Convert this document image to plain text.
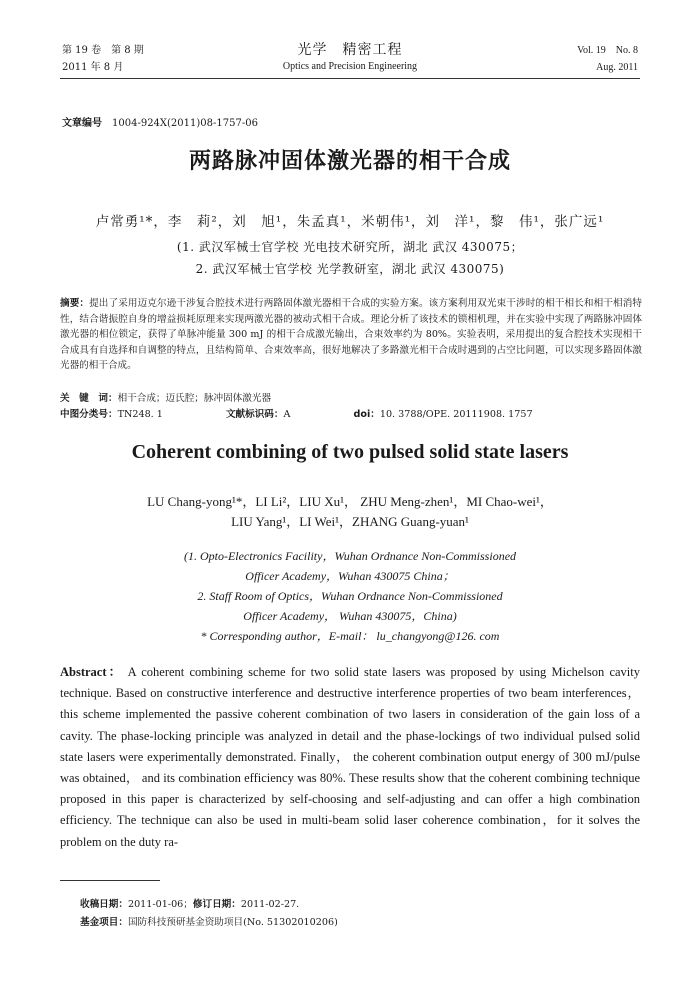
第 19 卷　第 8 期
2011 年 8 月
光学　精密工程
Optics and Precision Engineering
Vol. 19　No. 8
Aug. 2011
文章编号 1004-924X(2011)08-1757-06
两路脉冲固体激光器的相干合成
卢常勇¹*，李　莉²，刘　旭¹，朱孟真¹，米朝伟¹，刘　洋¹，黎　伟¹，张广远¹
(1. 武汉军械士官学校 光电技术研究所，湖北 武汉 430075；
2. 武汉军械士官学校 光学教研室，湖北 武汉 430075)
摘要：提出了采用迈克尔逊干涉复合腔技术进行两路固体激光器相干合成的实验方案。该方案利用双光束干涉时的相干相长和相干相消特性，结合谐振腔自身的增益损耗原理来实现两激光器的被动式相干合成。理论分析了该技术的锁相机理，并在实验中实现了两路脉冲固体激光器的相位锁定，获得了单脉冲能量 300 mJ 的相干合成激光输出，合束效率约为 80%。实验表明，采用提出的复合腔技术实现相干合成具有自选择和自调整的特点，且结构简单、合束效率高，很好地解决了多路激光相干合成时遇到的占空比问题，可以实现多路固体激光器的相干合成。
关　键　词：相干合成；迈氏腔；脉冲固体激光器
中图分类号：TN248. 1	文献标识码：A	doi：10. 3788/OPE. 20111908. 1757
Coherent combining of two pulsed solid state lasers
LU Chang-yong¹*，LI Li²，LIU Xu¹， ZHU Meng-zhen¹，MI Chao-wei¹，
LIU Yang¹，LI Wei¹，ZHANG Guang-yuan¹
(1. Opto-Electronics Facility，Wuhan Ordnance Non-Commissioned
Officer Academy，Wuhan 430075 China；
2. Staff Room of Optics，Wuhan Ordnance Non-Commissioned
Officer Academy， Wuhan 430075，China)
* Corresponding author，E-mail： lu_changyong@126. com
Abstract： A coherent combining scheme for two solid state lasers was proposed by using Michelson cavity technique. Based on constructive interference and destructive interference properties of two beam interferences，this scheme implemented the passive coherent combination of two lasers in consideration of the gain loss of a cavity. The phase-locking principle was analyzed in detail and the phase-lockings of two individual pulsed solid state lasers were experimentally demonstrated. Finally， the coherent combination output energy of 300 mJ/pulse was obtained， and its combination efficiency was 80%. These results show that the coherent combining technique proposed in this paper is characterized by self-choosing and self-adjusting and can offer a high combination efficiency. The technique can also be used in multi-beam solid laser coherence combination，for it solves the problem on the duty ra-
收稿日期：2011-01-06；修订日期：2011-02-27.
基金项目：国防科技预研基金资助项目(No. 51302010206)
